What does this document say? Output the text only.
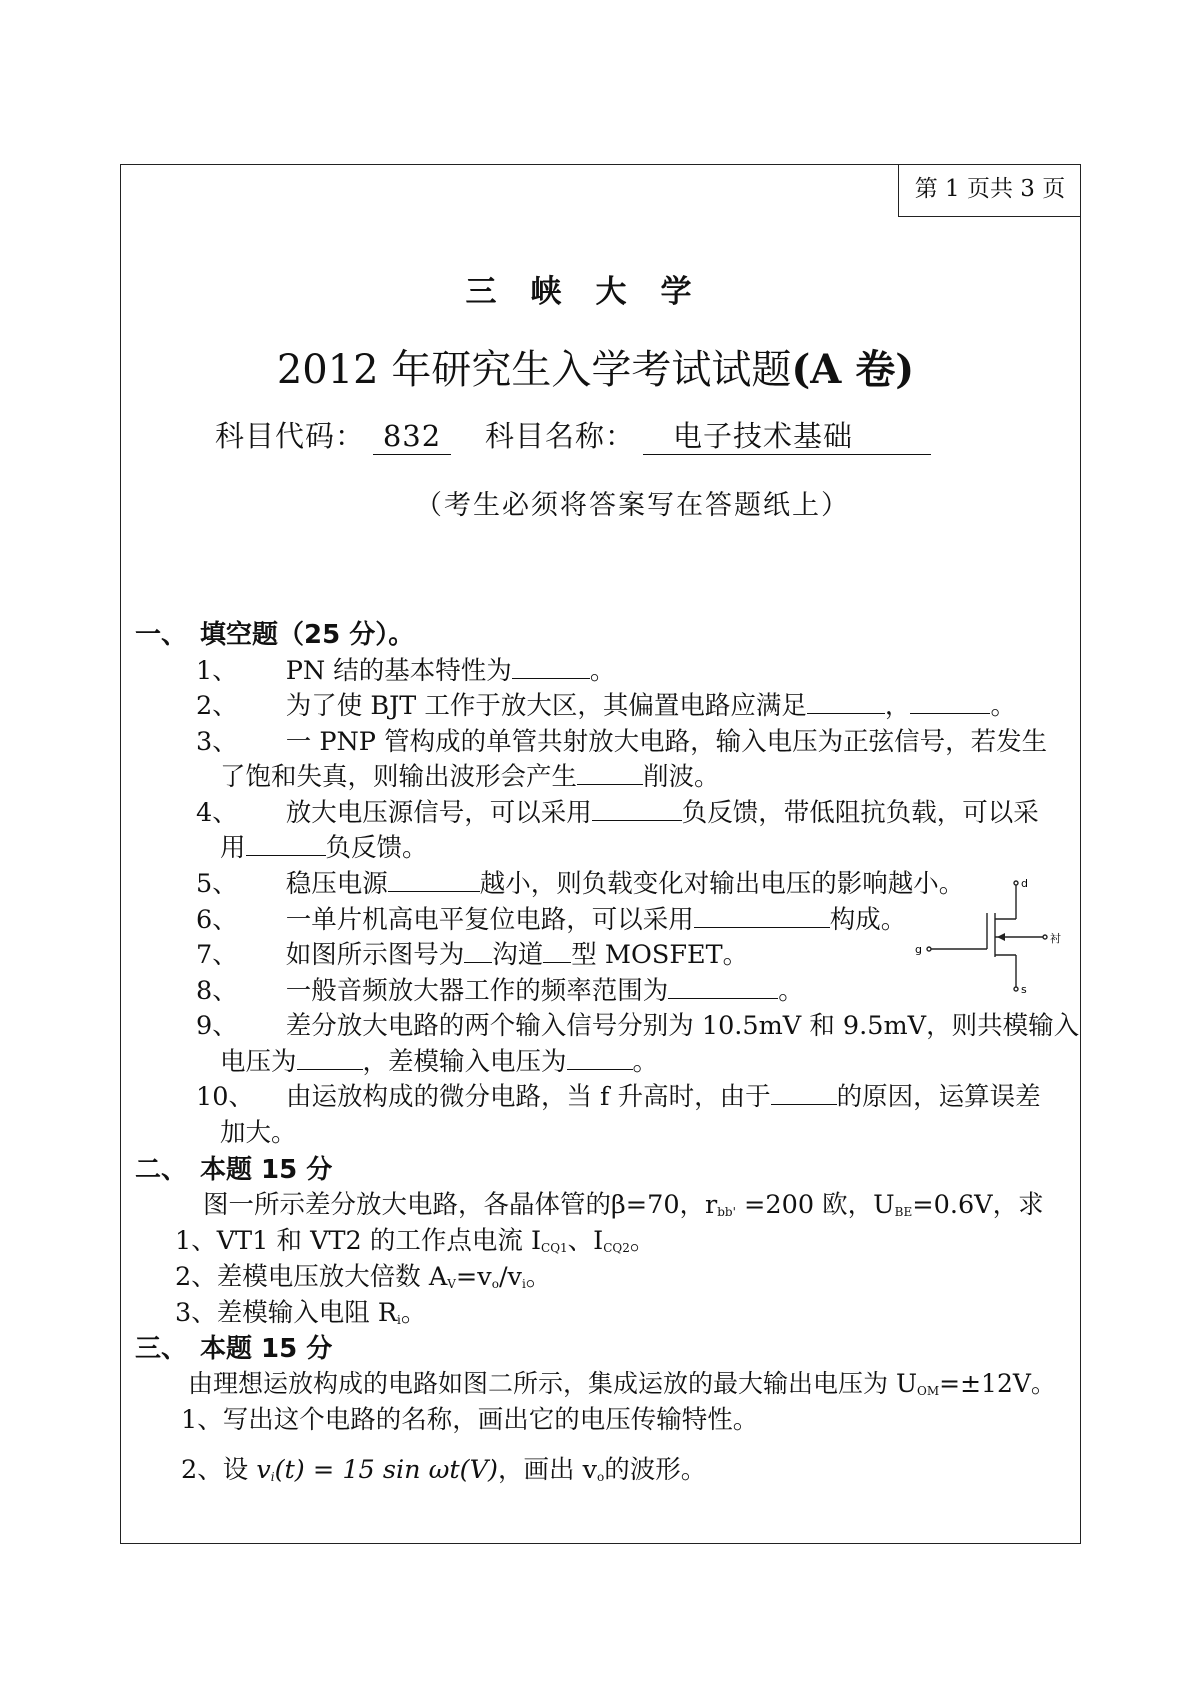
第 1 页共 3 页
三峡大学
2012 年研究生入学考试试题(A 卷)
科目代码： 832 科目名称： 电子技术基础
（考生必须将答案写在答题纸上）
一、　填空题（25 分）。
1、 PN 结的基本特性为	。
2、 为了使 BJT 工作于放大区，其偏置电路应满足	，	。
3、 一 PNP 管构成的单管共射放大电路，输入电压为正弦信号，若发生
了饱和失真，则输出波形会产生	削波。
4、 放大电压源信号，可以采用	负反馈，带低阻抗负载，可以采
用	负反馈。
5、 稳压电源	越小，则负载变化对输出电压的影响越小。
6、 一单片机高电平复位电路，可以采用	构成。
7、 如图所示图号为 沟道 型 MOSFET。
8、 一般音频放大器工作的频率范围为	。
9、 差分放大电路的两个输入信号分别为 10.5mV 和 9.5mV，则共模输入
电压为	，差模输入电压为	。
10、 由运放构成的微分电路，当 f 升高时，由于	的原因，运算误差
加大。
d
g
衬
s
二、　本题 15 分
图一所示差分放大电路，各晶体管的β=70，$r_{bb'} =200$ 欧，$U_{BE}=0.6V$，求
1、VT1 和 VT2 的工作点电流 $I_{CQ1}$、$I_{CQ2}$。
2、差模电压放大倍数 $A_V=v_o/v_i$。
3、差模输入电阻 $R_i$。
三、　本题 15 分
由理想运放构成的电路如图二所示，集成运放的最大输出电压为 $U_{OM}=\pm 12V$。
1、写出这个电路的名称，画出它的电压传输特性。
2、设 $v_i(t) = 15$ sin ωt(V)，画出 $v_o$的波形。
